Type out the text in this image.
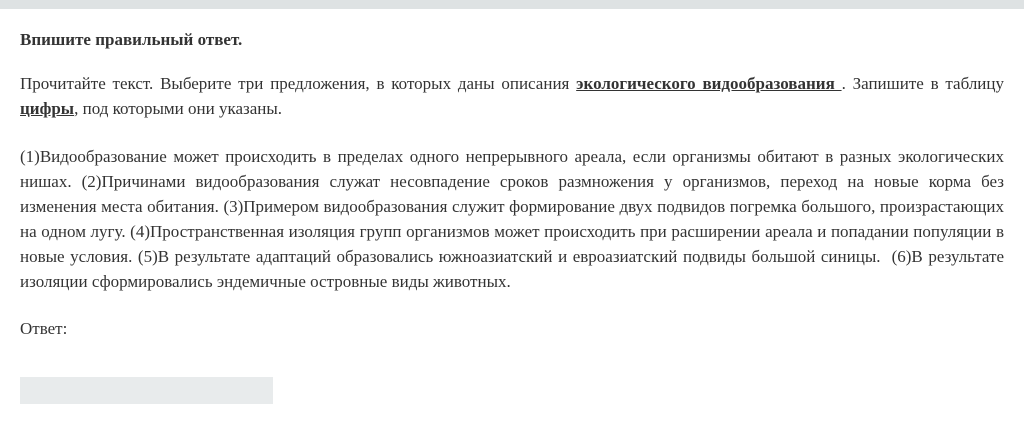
Впишите правильный ответ.

Прочитайте текст. Выберите три предложения, в которых даны описания экологического видообразования . Запишите в таблицу цифры, под которыми они указаны.

(1)Видообразование может происходить в пределах одного непрерывного ареала, если организмы обитают в разных экологических нишах. (2)Причинами видообразования служат несовпадение сроков размножения у организмов, переход на новые корма без изменения места обитания. (3)Примером видообразования служит формирование двух подвидов погремка большого, произрастающих на одном лугу. (4)Пространственная изоляция групп организмов может происходить при расширении ареала и попадании популяции в новые условия. (5)В результате адаптаций образовались южноазиатский и евроазиатский подвиды большой синицы.  (6)В результате изоляции сформировались эндемичные островные виды животных.

Ответ:
